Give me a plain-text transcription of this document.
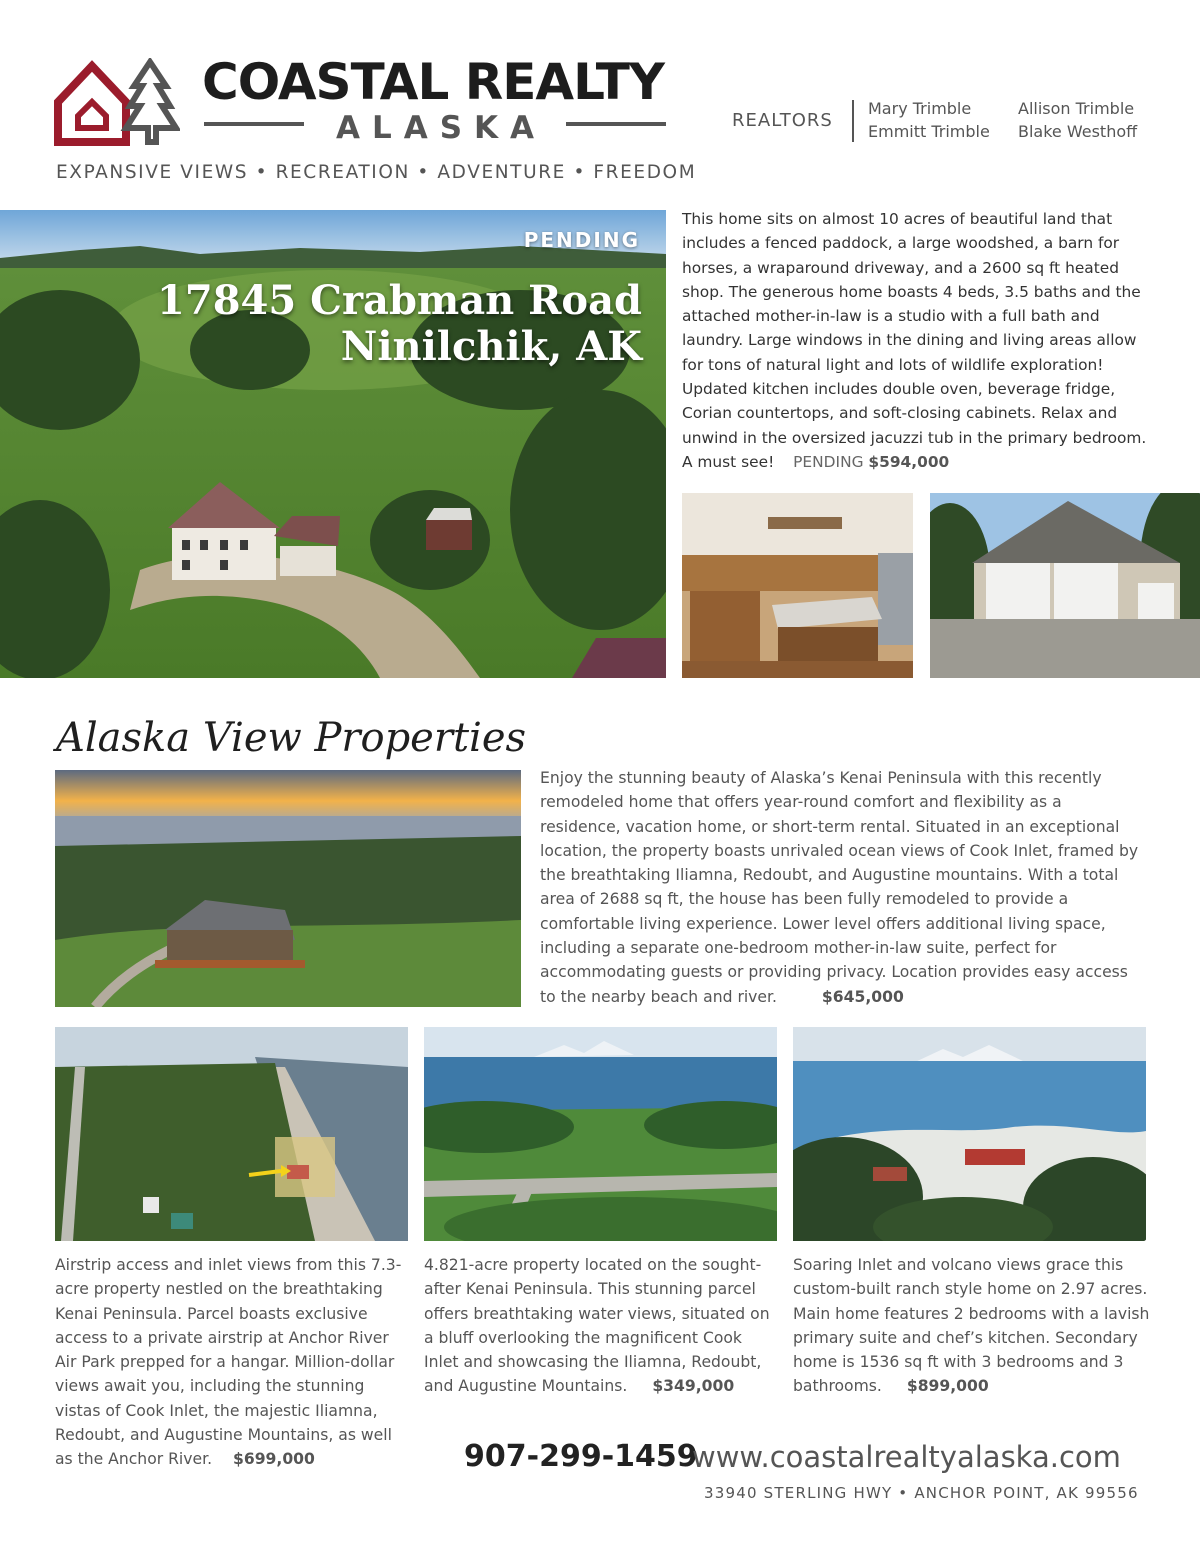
COASTAL REALTY
ALASKA
EXPANSIVE VIEWS • RECREATION • ADVENTURE • FREEDOM
REALTORS
Mary Trimble
Emmitt Trimble
Allison Trimble
Blake Westhoff
PENDING
17845 Crabman Road
Ninilchik, AK
This home sits on almost 10 acres of beautiful land that includes a fenced paddock, a large woodshed, a barn for horses, a wraparound driveway, and a 2600 sq ft heated shop. The generous home boasts 4 beds, 3.5 baths and the attached mother-in-law is a studio with a full bath and laundry. Large windows in the dining and living areas allow for tons of natural light and lots of wildlife exploration! Updated kitchen includes double oven, beverage fridge, Corian countertops, and soft-closing cabinets. Relax and unwind in the oversized jacuzzi tub in the primary bedroom. A must see! PENDING $594,000
Alaska View Properties
Enjoy the stunning beauty of Alaska’s Kenai Peninsula with this recently remodeled home that offers year-round comfort and flexibility as a residence, vacation home, or short-term rental. Situated in an exceptional location, the property boasts unrivaled ocean views of Cook Inlet, framed by the breathtaking Iliamna, Redoubt, and Augustine mountains. With a total area of 2688 sq ft, the house has been fully remodeled to provide a comfortable living experience. Lower level offers additional living space, including a separate one-bedroom mother-in-law suite, perfect for accommodating guests or providing privacy. Location provides easy access to the nearby beach and river.	$645,000
Airstrip access and inlet views from this 7.3-acre property nestled on the breathtaking Kenai Peninsula. Parcel boasts exclusive access to a private airstrip at Anchor River Air Park prepped for a hangar. Million-dollar views await you, including the stunning vistas of Cook Inlet, the majestic Iliamna, Redoubt, and Augustine Mountains, as well as the Anchor River. $699,000
4.821-acre property located on the sought-after Kenai Peninsula. This stunning parcel offers breathtaking water views, situated on a bluff overlooking the magnificent Cook Inlet and showcasing the Iliamna, Redoubt, and Augustine Mountains. $349,000
Soaring Inlet and volcano views grace this custom-built ranch style home on 2.97 acres. Main home features 2 bedrooms with a lavish primary suite and chef’s kitchen. Secondary home is 1536 sq ft with 3 bedrooms and 3 bathrooms. $899,000
907-299-1459
www.coastalrealtyalaska.com
33940 STERLING HWY • ANCHOR POINT, AK 99556
